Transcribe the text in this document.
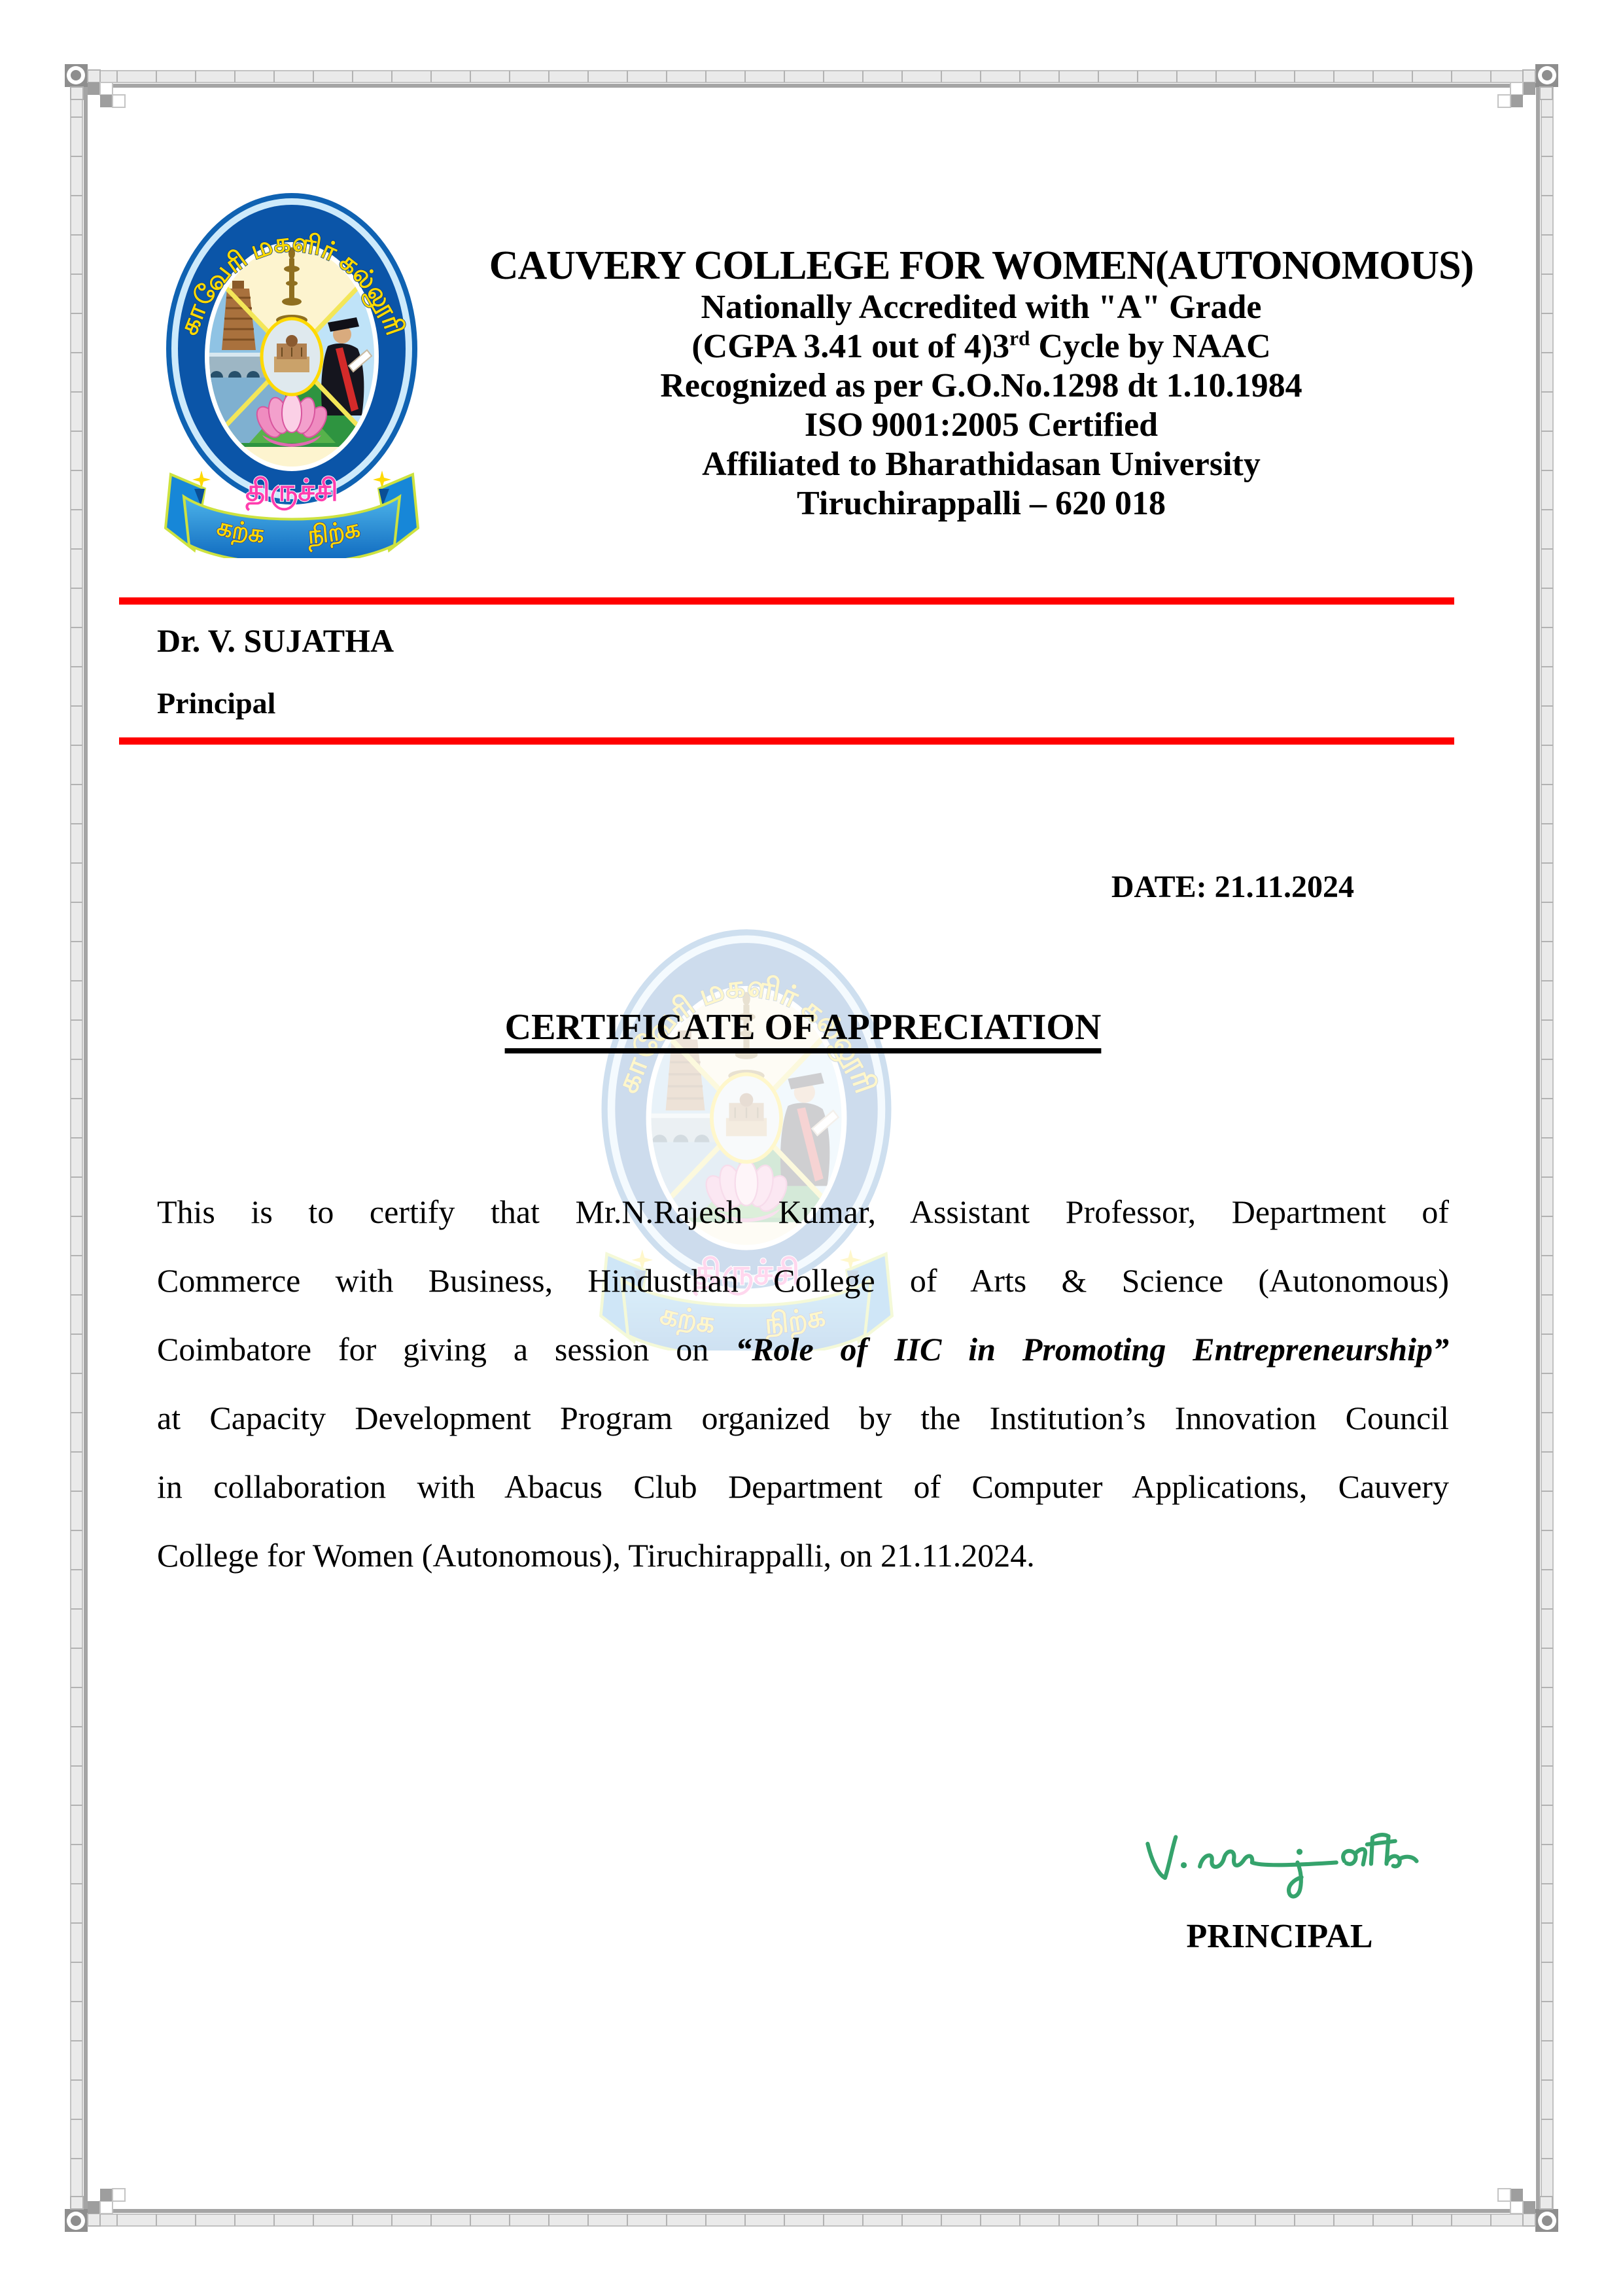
CAUVERY COLLEGE FOR WOMEN(AUTONOMOUS)
Nationally Accredited with "A" Grade
(CGPA 3.41 out of 4)3rd Cycle by NAAC
Recognized as per G.O.No.1298 dt 1.10.1984
ISO 9001:2005 Certified
Affiliated to Bharathidasan University
Tiruchirappalli – 620 018
Dr. V. SUJATHA
Principal
DATE: 21.11.2024
CERTIFICATE OF APPRECIATION
This is to certify that Mr.N.Rajesh Kumar, Assistant Professor, Department of
Commerce with Business, Hindusthan College of Arts & Science (Autonomous)
Coimbatore for giving a session on “Role of IIC in Promoting Entrepreneurship”
at Capacity Development Program organized by the Institution’s Innovation Council
in collaboration with Abacus Club Department of Computer Applications, Cauvery
College for Women (Autonomous), Tiruchirappalli, on 21.11.2024.
PRINCIPAL
